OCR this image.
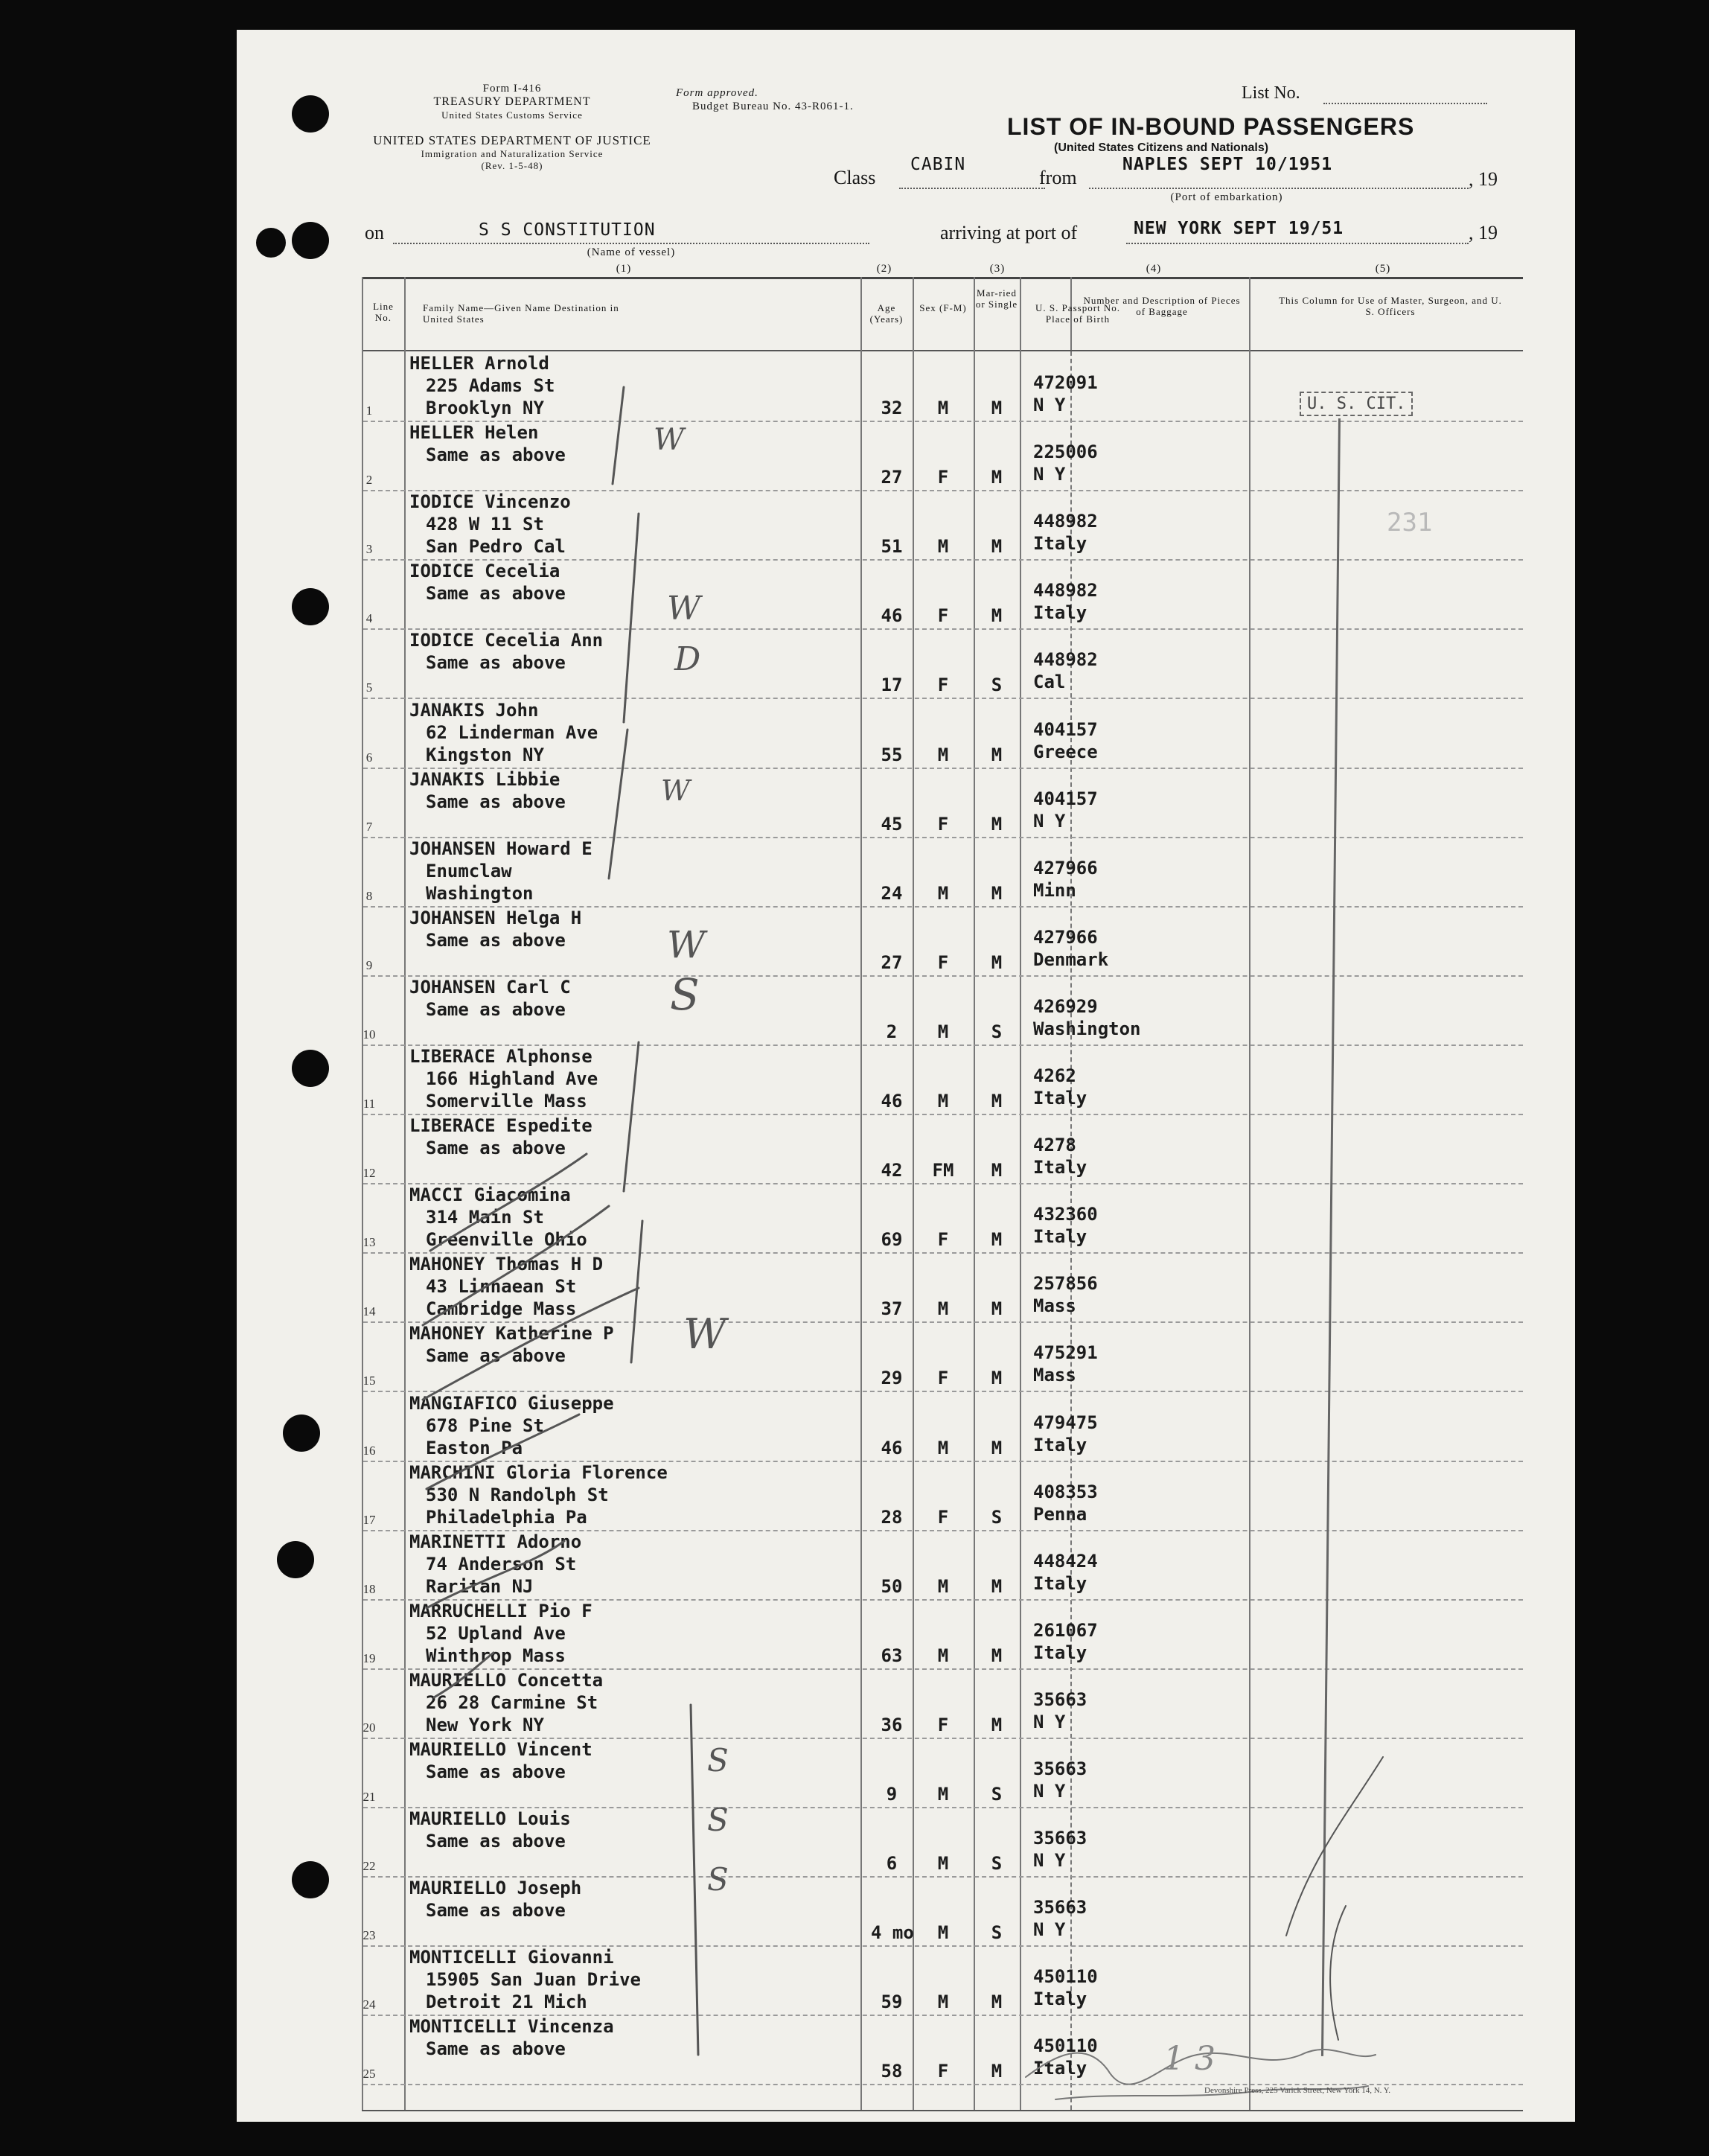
Form I-416
TREASURY DEPARTMENT
United States Customs Service
UNITED STATES DEPARTMENT OF JUSTICE
Immigration and Naturalization Service
(Rev. 1-5-48)
Form approved.
Budget Bureau No. 43-R061-1.
List No.
LIST OF IN-BOUND PASSENGERS
(United States Citizens and Nationals)
Class
CABIN
from
NAPLES SEPT 10/1951
, 19
(Port of embarkation)
on	S S CONSTITUTION
(Name of vessel)
arriving at port of	NEW YORK SEPT 19/51	, 19
(1)	(2)	(3)	(4)	(5)
Line No.
Family Name—Given Name Destination in United States
Age (Years)
Sex (F-M)
Mar-ried or Single	U. S. Passport No. Place of Birth
Number and Description of Pieces of Baggage
This Column for Use of Master, Surgeon, and U. S. Officers
1
HELLER Arnold
225 Adams St
Brooklyn NY	32	M	M
472091
N Y
2
HELLER Helen
Same as above
27	F	M
225006
N Y
3
IODICE Vincenzo
428 W 11 St
San Pedro Cal	51	M	M
448982
Italy
4
IODICE Cecelia
Same as above
46	F	M
448982
Italy
5
IODICE Cecelia Ann
Same as above
17	F	S
448982
Cal
6
JANAKIS John
62 Linderman Ave
Kingston NY	55	M	M
404157
Greece
7
JANAKIS Libbie
Same as above
45	F	M
404157
N Y
8
JOHANSEN Howard E
Enumclaw
Washington	24	M	M
427966
Minn
9
JOHANSEN Helga H
Same as above
27	F	M
427966
Denmark
10
JOHANSEN Carl C
Same as above
2	M	S
426929
Washington
11
LIBERACE Alphonse
166 Highland Ave
Somerville Mass	46	M	M
4262
Italy
12
LIBERACE Espedite
Same as above
42	FM	M
4278
Italy
13
MACCI Giacomina
314 Main St
Greenville Ohio	69	F	M
432360
Italy
14
MAHONEY Thomas H D
43 Linnaean St
Cambridge Mass	37	M	M
257856
Mass
15
MAHONEY Katherine P
Same as above
29	F	M
475291
Mass
16
MANGIAFICO Giuseppe
678 Pine St
Easton Pa	46	M	M
479475
Italy
17
MARCHINI Gloria Florence
530 N Randolph St
Philadelphia Pa	28	F	S
408353
Penna
18
MARINETTI Adorno
74 Anderson St
Raritan NJ	50	M	M
448424
Italy
19
MARRUCHELLI Pio F
52 Upland Ave
Winthrop Mass	63	M	M
261067
Italy
20
MAURIELLO Concetta
26 28 Carmine St
New York NY	36	F	M
35663
N Y
21
MAURIELLO Vincent
Same as above
9	M	S
35663
N Y
22
MAURIELLO Louis
Same as above
6	M	S
35663
N Y
23
MAURIELLO Joseph
Same as above
4 mo	M	S
35663
N Y
24
MONTICELLI Giovanni
15905 San Juan Drive
Detroit 21 Mich	59	M	M
450110
Italy
25
MONTICELLI Vincenza
Same as above
58	F	M
450110
Italy
U. S. CIT.
231
W
W
D
W
W
S
W
S
S
S
1 3
Devonshire Press, 225 Varick Street, New York 14, N. Y.
